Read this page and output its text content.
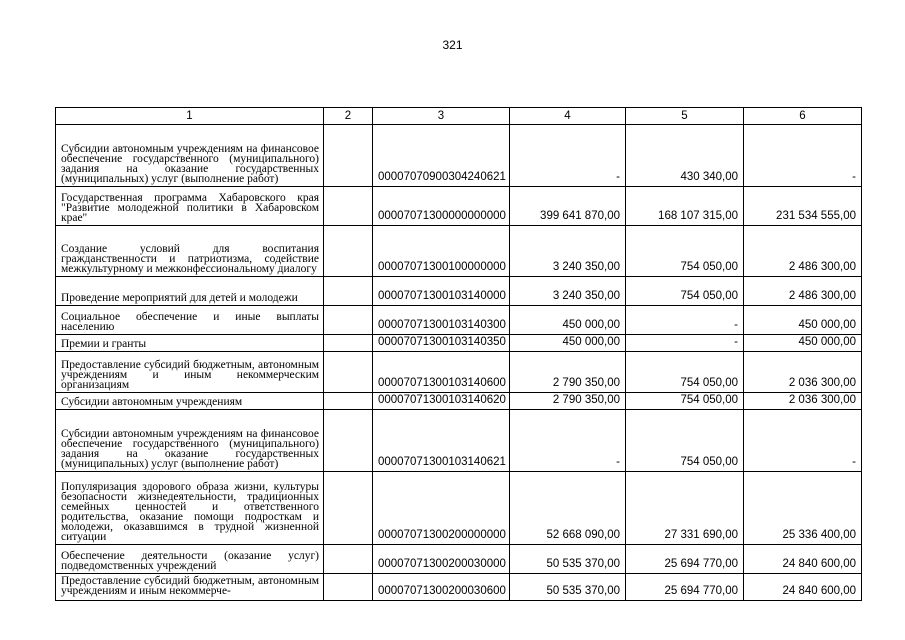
321
1	2	3	4	5	6
Субсидии автономным учреждениям на финансовое обеспечение государственного (муниципального) задания на оказание государственных (муниципальных) услуг (выполнение работ)		00007070900304240621	-	430 340,00	-
Государственная программа Хабаровского края "Развитие молодежной политики в Хабаровском крае"		00007071300000000000	399 641 870,00	168 107 315,00	231 534 555,00
Создание условий для воспитания гражданственности и патриотизма, содействие межкультурному и межконфессиональному диалогу		00007071300100000000	3 240 350,00	754 050,00	2 486 300,00
Проведение мероприятий для детей и молодежи		00007071300103140000	3 240 350,00	754 050,00	2 486 300,00
Социальное обеспечение и иные выплаты населению		00007071300103140300	450 000,00	-	450 000,00
Премии и гранты		00007071300103140350	450 000,00	-	450 000,00
Предоставление субсидий бюджетным, автономным учреждениям и иным некоммерческим организациям		00007071300103140600	2 790 350,00	754 050,00	2 036 300,00
Субсидии автономным учреждениям		00007071300103140620	2 790 350,00	754 050,00	2 036 300,00
Субсидии автономным учреждениям на финансовое обеспечение государственного (муниципального) задания на оказание государственных (муниципальных) услуг (выполнение работ)		00007071300103140621	-	754 050,00	-
Популяризация здорового образа жизни, культуры безопасности жизнедеятельности, традиционных семейных ценностей и ответственного родительства, оказание помощи подросткам и молодежи, оказавшимся в трудной жизненной ситуации		00007071300200000000	52 668 090,00	27 331 690,00	25 336 400,00
Обеспечение деятельности (оказание услуг) подведомственных учреждений		00007071300200030000	50 535 370,00	25 694 770,00	24 840 600,00
Предоставление субсидий бюджетным, автономным учреждениям и иным некоммерче-		00007071300200030600	50 535 370,00	25 694 770,00	24 840 600,00
